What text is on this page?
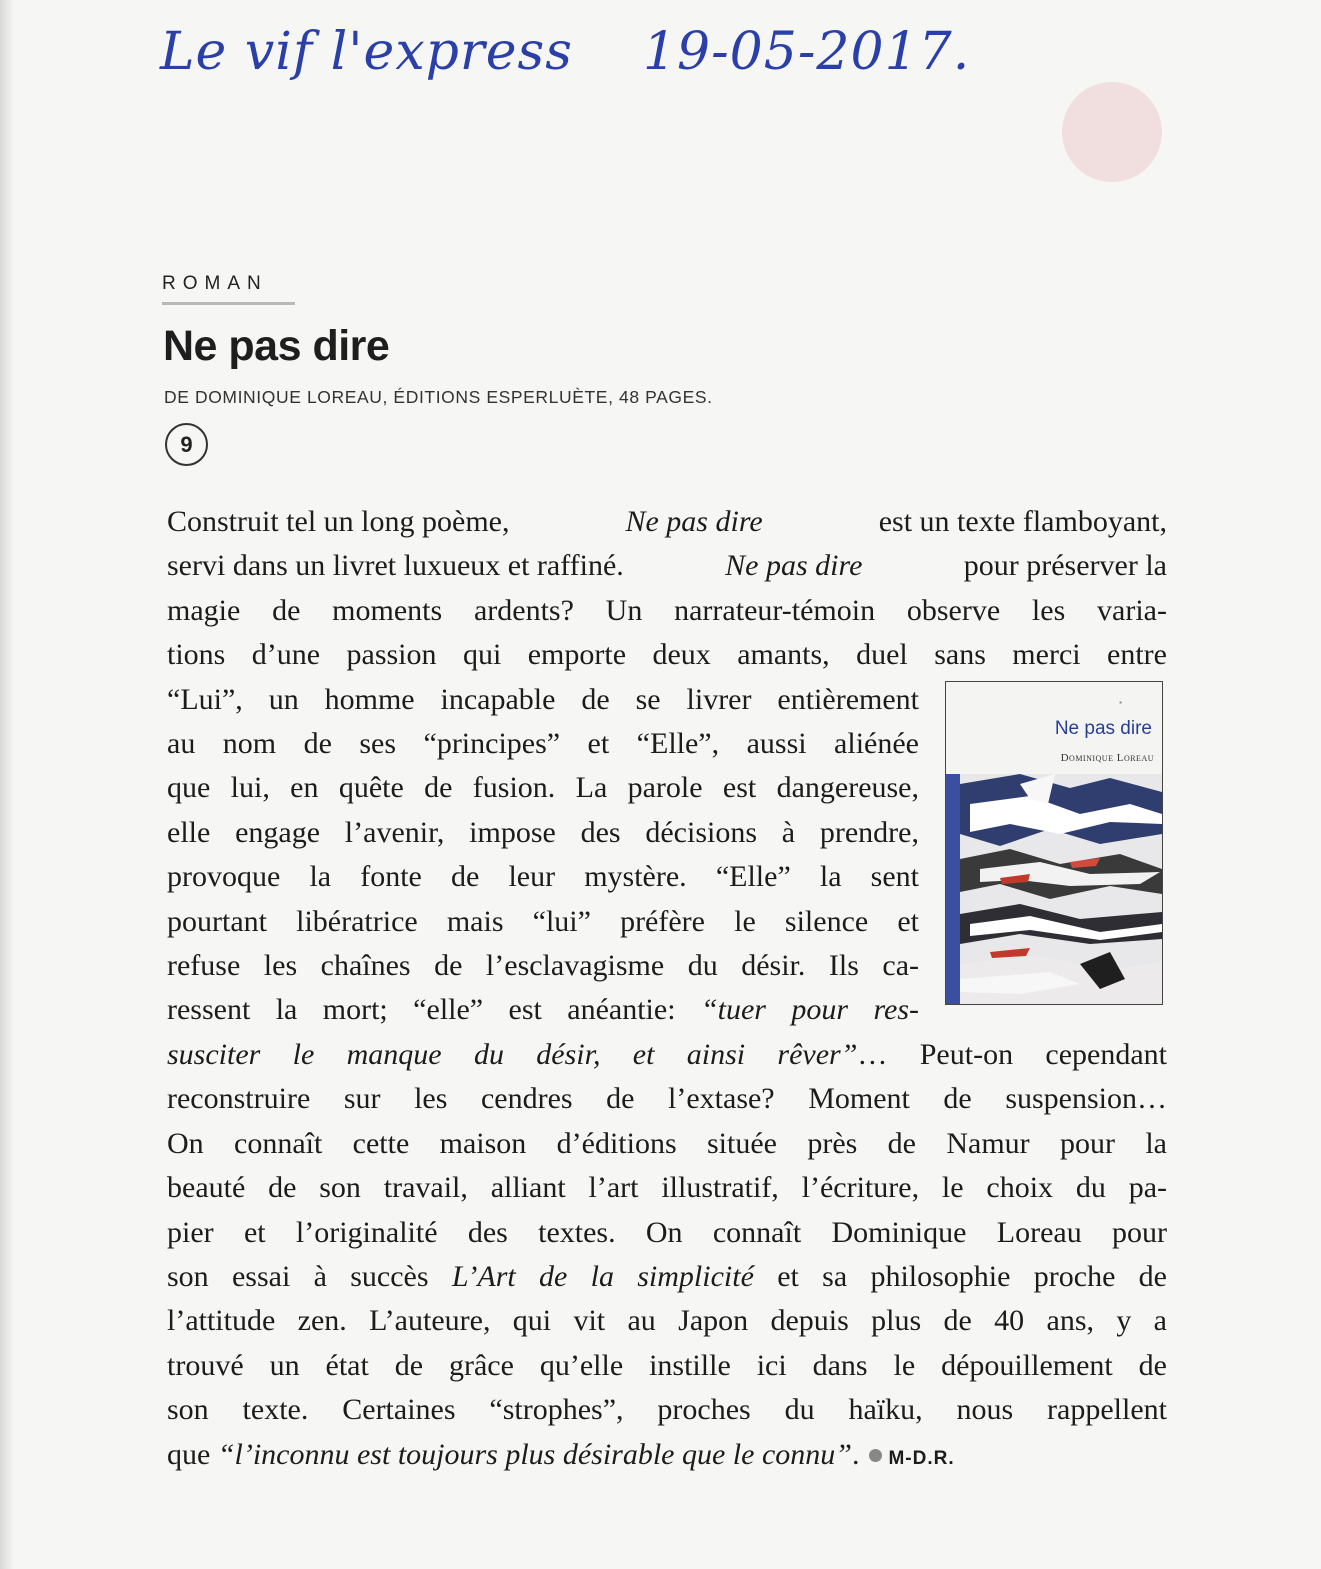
Le vif l'express 19-05-2017.
ROMAN
Ne pas dire
DE DOMINIQUE LOREAU, ÉDITIONS ESPERLUÈTE, 48 PAGES.
9
▪
Ne pas dire
Dominique Loreau
Construit tel un long poème,	Ne pas dire	est un texte flamboyant,
servi dans un livret luxueux et raffiné.	Ne pas dire	pour préserver la
magie de moments ardents? Un narrateur-témoin observe les varia-
tions d’une passion qui emporte deux amants, duel sans merci entre
“Lui”, un homme incapable de se livrer entièrement
au nom de ses “principes” et “Elle”, aussi aliénée
que lui, en quête de fusion. La parole est dangereuse,
elle engage l’avenir, impose des décisions à prendre,
provoque la fonte de leur mystère. “Elle” la sent
pourtant libératrice mais “lui” préfère le silence et
refuse les chaînes de l’esclavagisme du désir. Ils ca-
ressent la mort; “elle” est anéantie: “tuer pour res-
susciter le manque du désir, et ainsi rêver”… Peut-on cependant
reconstruire sur les cendres de l’extase? Moment de suspension…
On connaît cette maison d’éditions située près de Namur pour la
beauté de son travail, alliant l’art illustratif, l’écriture, le choix du pa-
pier et l’originalité des textes. On connaît Dominique Loreau pour
son essai à succès L’Art de la simplicité et sa philosophie proche de
l’attitude zen. L’auteure, qui vit au Japon depuis plus de 40 ans, y a
trouvé un état de grâce qu’elle instille ici dans le dépouillement de
son texte. Certaines “strophes”, proches du haïku, nous rappellent
que “l’inconnu est toujours plus désirable que le connu”. M-D.R.
